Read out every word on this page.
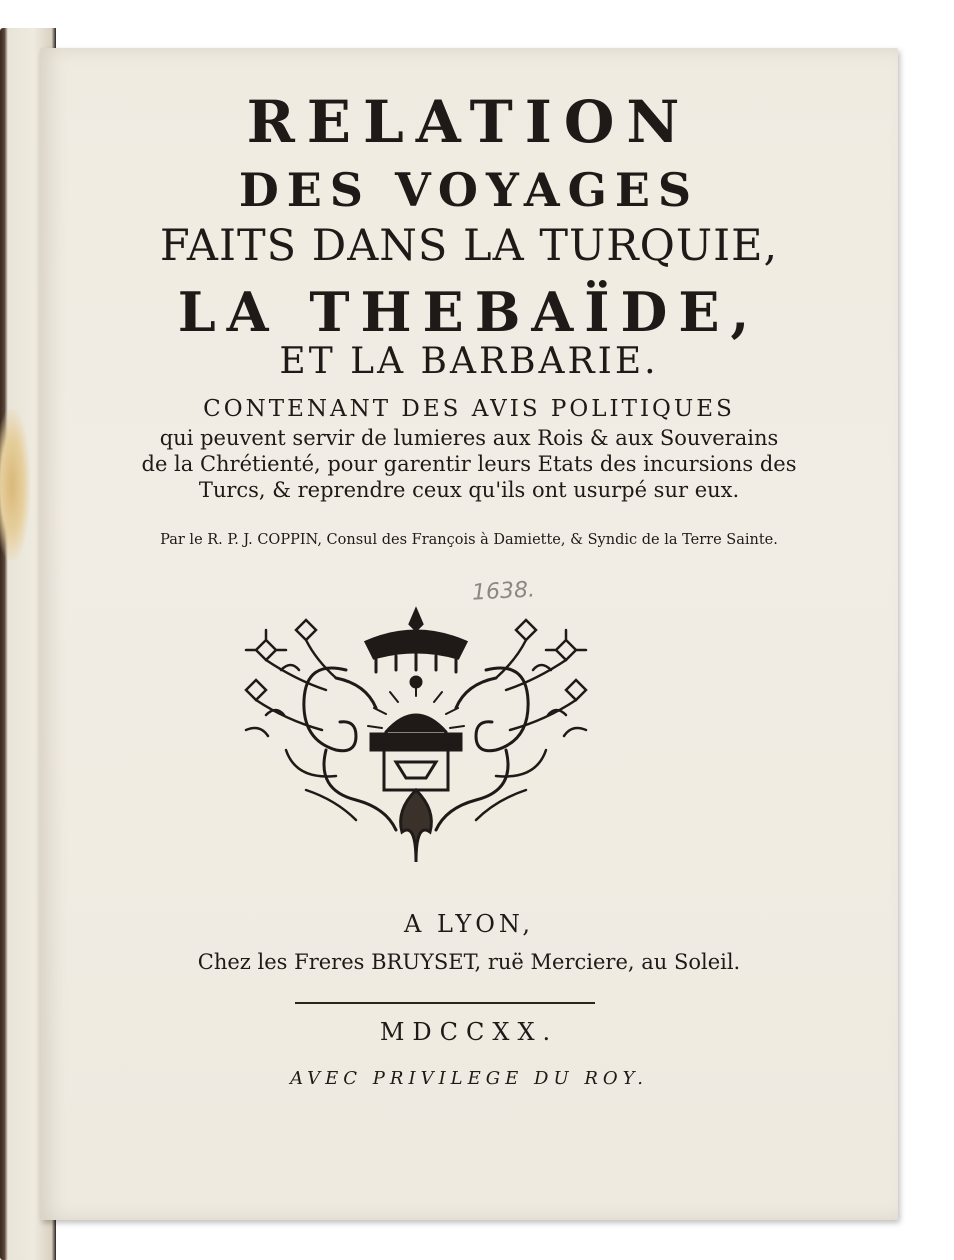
RELATION
DES VOYAGES
FAITS DANS LA TURQUIE,
LA THEBAÏDE,
ET LA BARBARIE.
CONTENANT DES AVIS POLITIQUES
qui peuvent servir de lumieres aux Rois & aux Souverains
de la Chrétienté, pour garentir leurs Etats des incursions des
Turcs, & reprendre ceux qu'ils ont usurpé sur eux.
Par le R. P. J. COPPIN, Consul des François à Damiette, & Syndic de la Terre Sainte.
1638.
A LYON,
Chez les Freres BRUYSET, ruë Merciere, au Soleil.
MDCCXX.
AVEC PRIVILEGE DU ROY.
